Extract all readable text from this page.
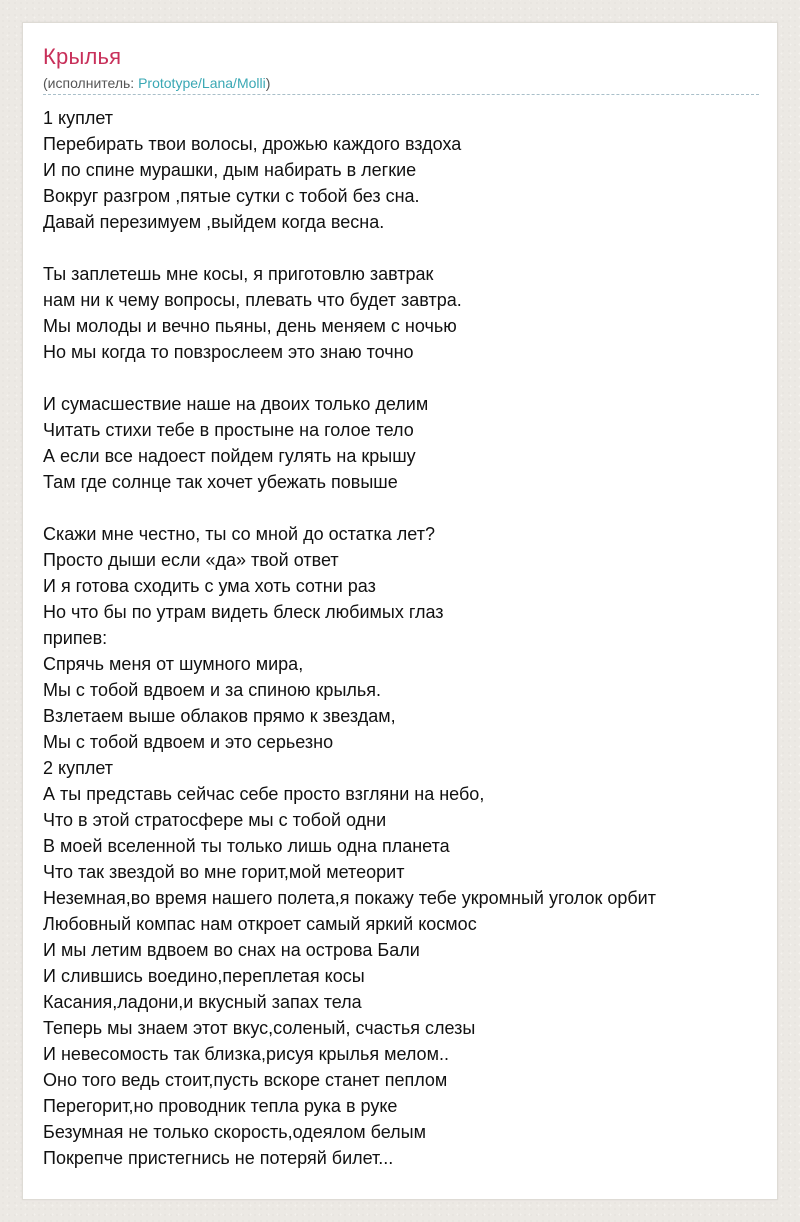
Крылья
(исполнитель: Prototype/Lana/Molli)
1 куплет
Перебирать твои волосы, дрожью каждого вздоха
И по спине мурашки, дым набирать в легкие
Вокруг разгром ,пятые сутки с тобой без сна.
Давай перезимуем ,выйдем когда весна.
Ты заплетешь мне косы, я приготовлю завтрак
нам ни к чему вопросы, плевать что будет завтра.
Мы молоды и вечно пьяны, день меняем с ночью
Но мы когда то повзрослеем это знаю точно
И сумасшествие наше на двоих только делим
Читать стихи тебе в простыне на голое тело
А если все надоест пойдем гулять на крышу
Там где солнце так хочет убежать повыше
Скажи мне честно, ты со мной до остатка лет?
Просто дыши если «да» твой ответ
И я готова сходить с ума хоть сотни раз
Но что бы по утрам видеть блеск любимых глаз
припев:
Спрячь меня от шумного мира,
Мы с тобой вдвоем и за спиною крылья.
Взлетаем выше облаков прямо к звездам,
Мы с тобой вдвоем и это серьезно
2 куплет
А ты представь сейчас себе просто взгляни на небо,
Что в этой стратосфере мы с тобой одни
В моей вселенной ты только лишь одна планета
Что так звездой во мне горит,мой метеорит
Неземная,во время нашего полета,я покажу тебе укромный уголок орбит
Любовный компас нам откроет самый яркий космос
И мы летим вдвоем во снах на острова Бали
И слившись воедино,переплетая косы
Касания,ладони,и вкусный запах тела
Теперь мы знаем этот вкус,соленый, счастья слезы
И невесомость так близка,рисуя крылья мелом..
Оно того ведь стоит,пусть вскоре станет пеплом
Перегорит,но проводник тепла рука в руке
Безумная не только скорость,одеялом белым
Покрепче пристегнись не потеряй билет...
